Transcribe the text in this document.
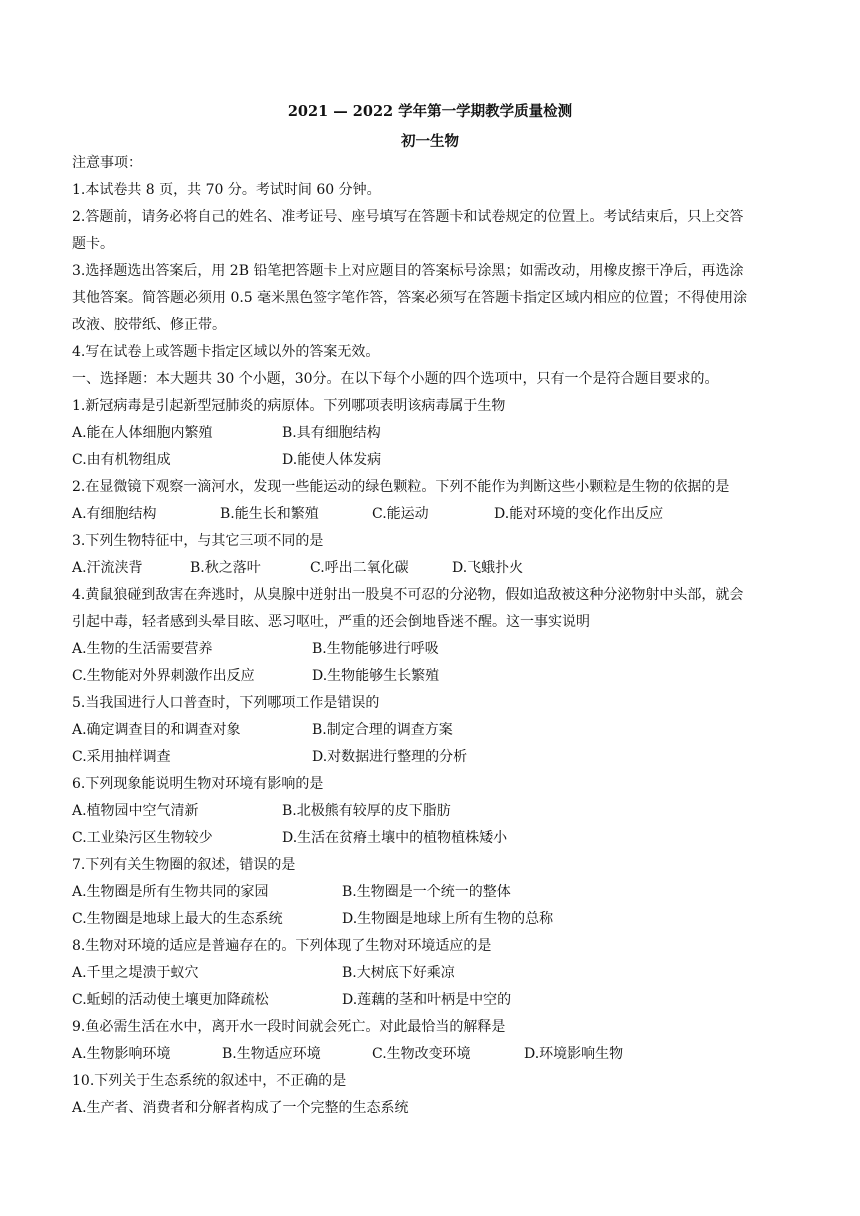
2021 — 2022 学年第一学期教学质量检测
初一生物
注意事项：
1.本试卷共 8 页，共 70 分。考试时间 60 分钟。
2.答题前，请务必将自己的姓名、准考证号、座号填写在答题卡和试卷规定的位置上。考试结束后，只上交答
题卡。
3.选择题选出答案后，用 2B 铅笔把答题卡上对应题目的答案标号涂黑；如需改动，用橡皮擦干净后，再选涂
其他答案。简答题必须用 0.5 毫米黑色签字笔作答，答案必须写在答题卡指定区域内相应的位置；不得使用涂
改液、胶带纸、修正带。
4.写在试卷上或答题卡指定区域以外的答案无效。
一、选择题：本大题共 30 个小题，30分。在以下每个小题的四个选项中，只有一个是符合题目要求的。
1.新冠病毒是引起新型冠肺炎的病原体。下列哪项表明该病毒属于生物
A.能在人体细胞内繁殖	B.具有细胞结构
C.由有机物组成	D.能使人体发病
2.在显微镜下观察一滴河水，发现一些能运动的绿色颗粒。下列不能作为判断这些小颗粒是生物的依据的是
A.有细胞结构	B.能生长和繁殖	C.能运动	D.能对环境的变化作出反应
3.下列生物特征中，与其它三项不同的是
A.汗流浃背	B.秋之落叶	C.呼出二氧化碳	D.飞蛾扑火
4.黄鼠狼碰到敌害在奔逃时，从臭腺中迸射出一股臭不可忍的分泌物，假如追敌被这种分泌物射中头部，就会
引起中毒，轻者感到头晕目眩、恶习呕吐，严重的还会倒地昏迷不醒。这一事实说明
A.生物的生活需要营养	B.生物能够进行呼吸
C.生物能对外界刺激作出反应	D.生物能够生长繁殖
5.当我国进行人口普查时，下列哪项工作是错误的
A.确定调查目的和调查对象	B.制定合理的调查方案
C.采用抽样调查	D.对数据进行整理的分析
6.下列现象能说明生物对环境有影响的是
A.植物园中空气清新	B.北极熊有较厚的皮下脂肪
C.工业染污区生物较少	D.生活在贫瘠土壤中的植物植株矮小
7.下列有关生物圈的叙述，错误的是
A.生物圈是所有生物共同的家园	B.生物圈是一个统一的整体
C.生物圈是地球上最大的生态系统	D.生物圈是地球上所有生物的总称
8.生物对环境的适应是普遍存在的。下列体现了生物对环境适应的是
A.千里之堤溃于蚁穴	B.大树底下好乘凉
C.蚯蚓的活动使土壤更加降疏松	D.莲藕的茎和叶柄是中空的
9.鱼必需生活在水中，离开水一段时间就会死亡。对此最恰当的解释是
A.生物影响环境	B.生物适应环境	C.生物改变环境	D.环境影响生物
10.下列关于生态系统的叙述中，不正确的是
A.生产者、消费者和分解者构成了一个完整的生态系统
